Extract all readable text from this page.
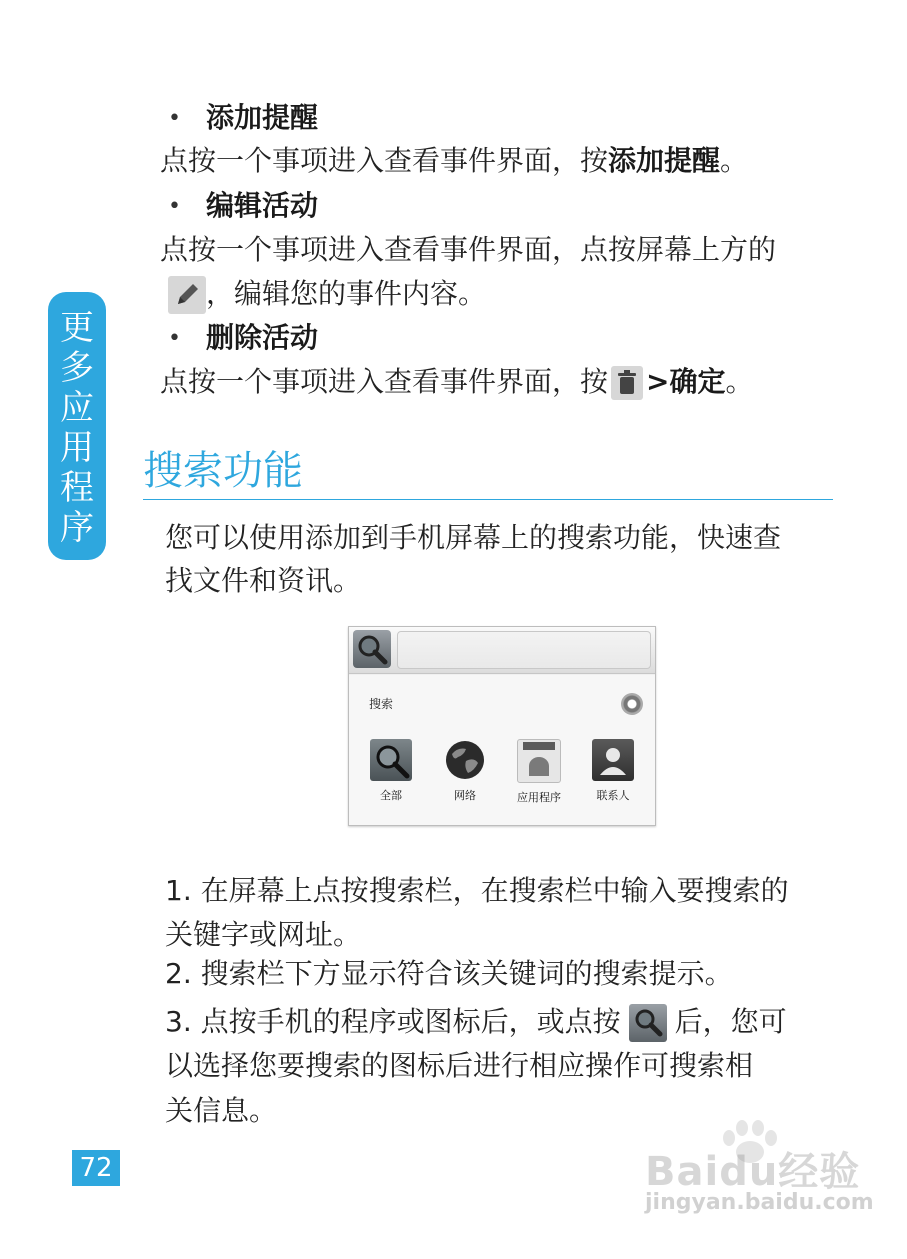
• 添加提醒
点按一个事项进入查看事件界面，按添加提醒。
• 编辑活动
点按一个事项进入查看事件界面，点按屏幕上方的
，编辑您的事件内容。
• 删除活动
点按一个事项进入查看事件界面，按 >确定。
更
多
应
用
程
序
搜索功能
您可以使用添加到手机屏幕上的搜索功能，快速查
找文件和资讯。
搜索
全部	网络	应用程序	联系人
1. 在屏幕上点按搜索栏，在搜索栏中输入要搜索的
关键字或网址。
2. 搜索栏下方显示符合该关键词的搜索提示。
3. 点按手机的程序或图标后，或点按 后，您可
以选择您要搜索的图标后进行相应操作可搜索相
关信息。
72	Baidu经验
jingyan.baidu.com
